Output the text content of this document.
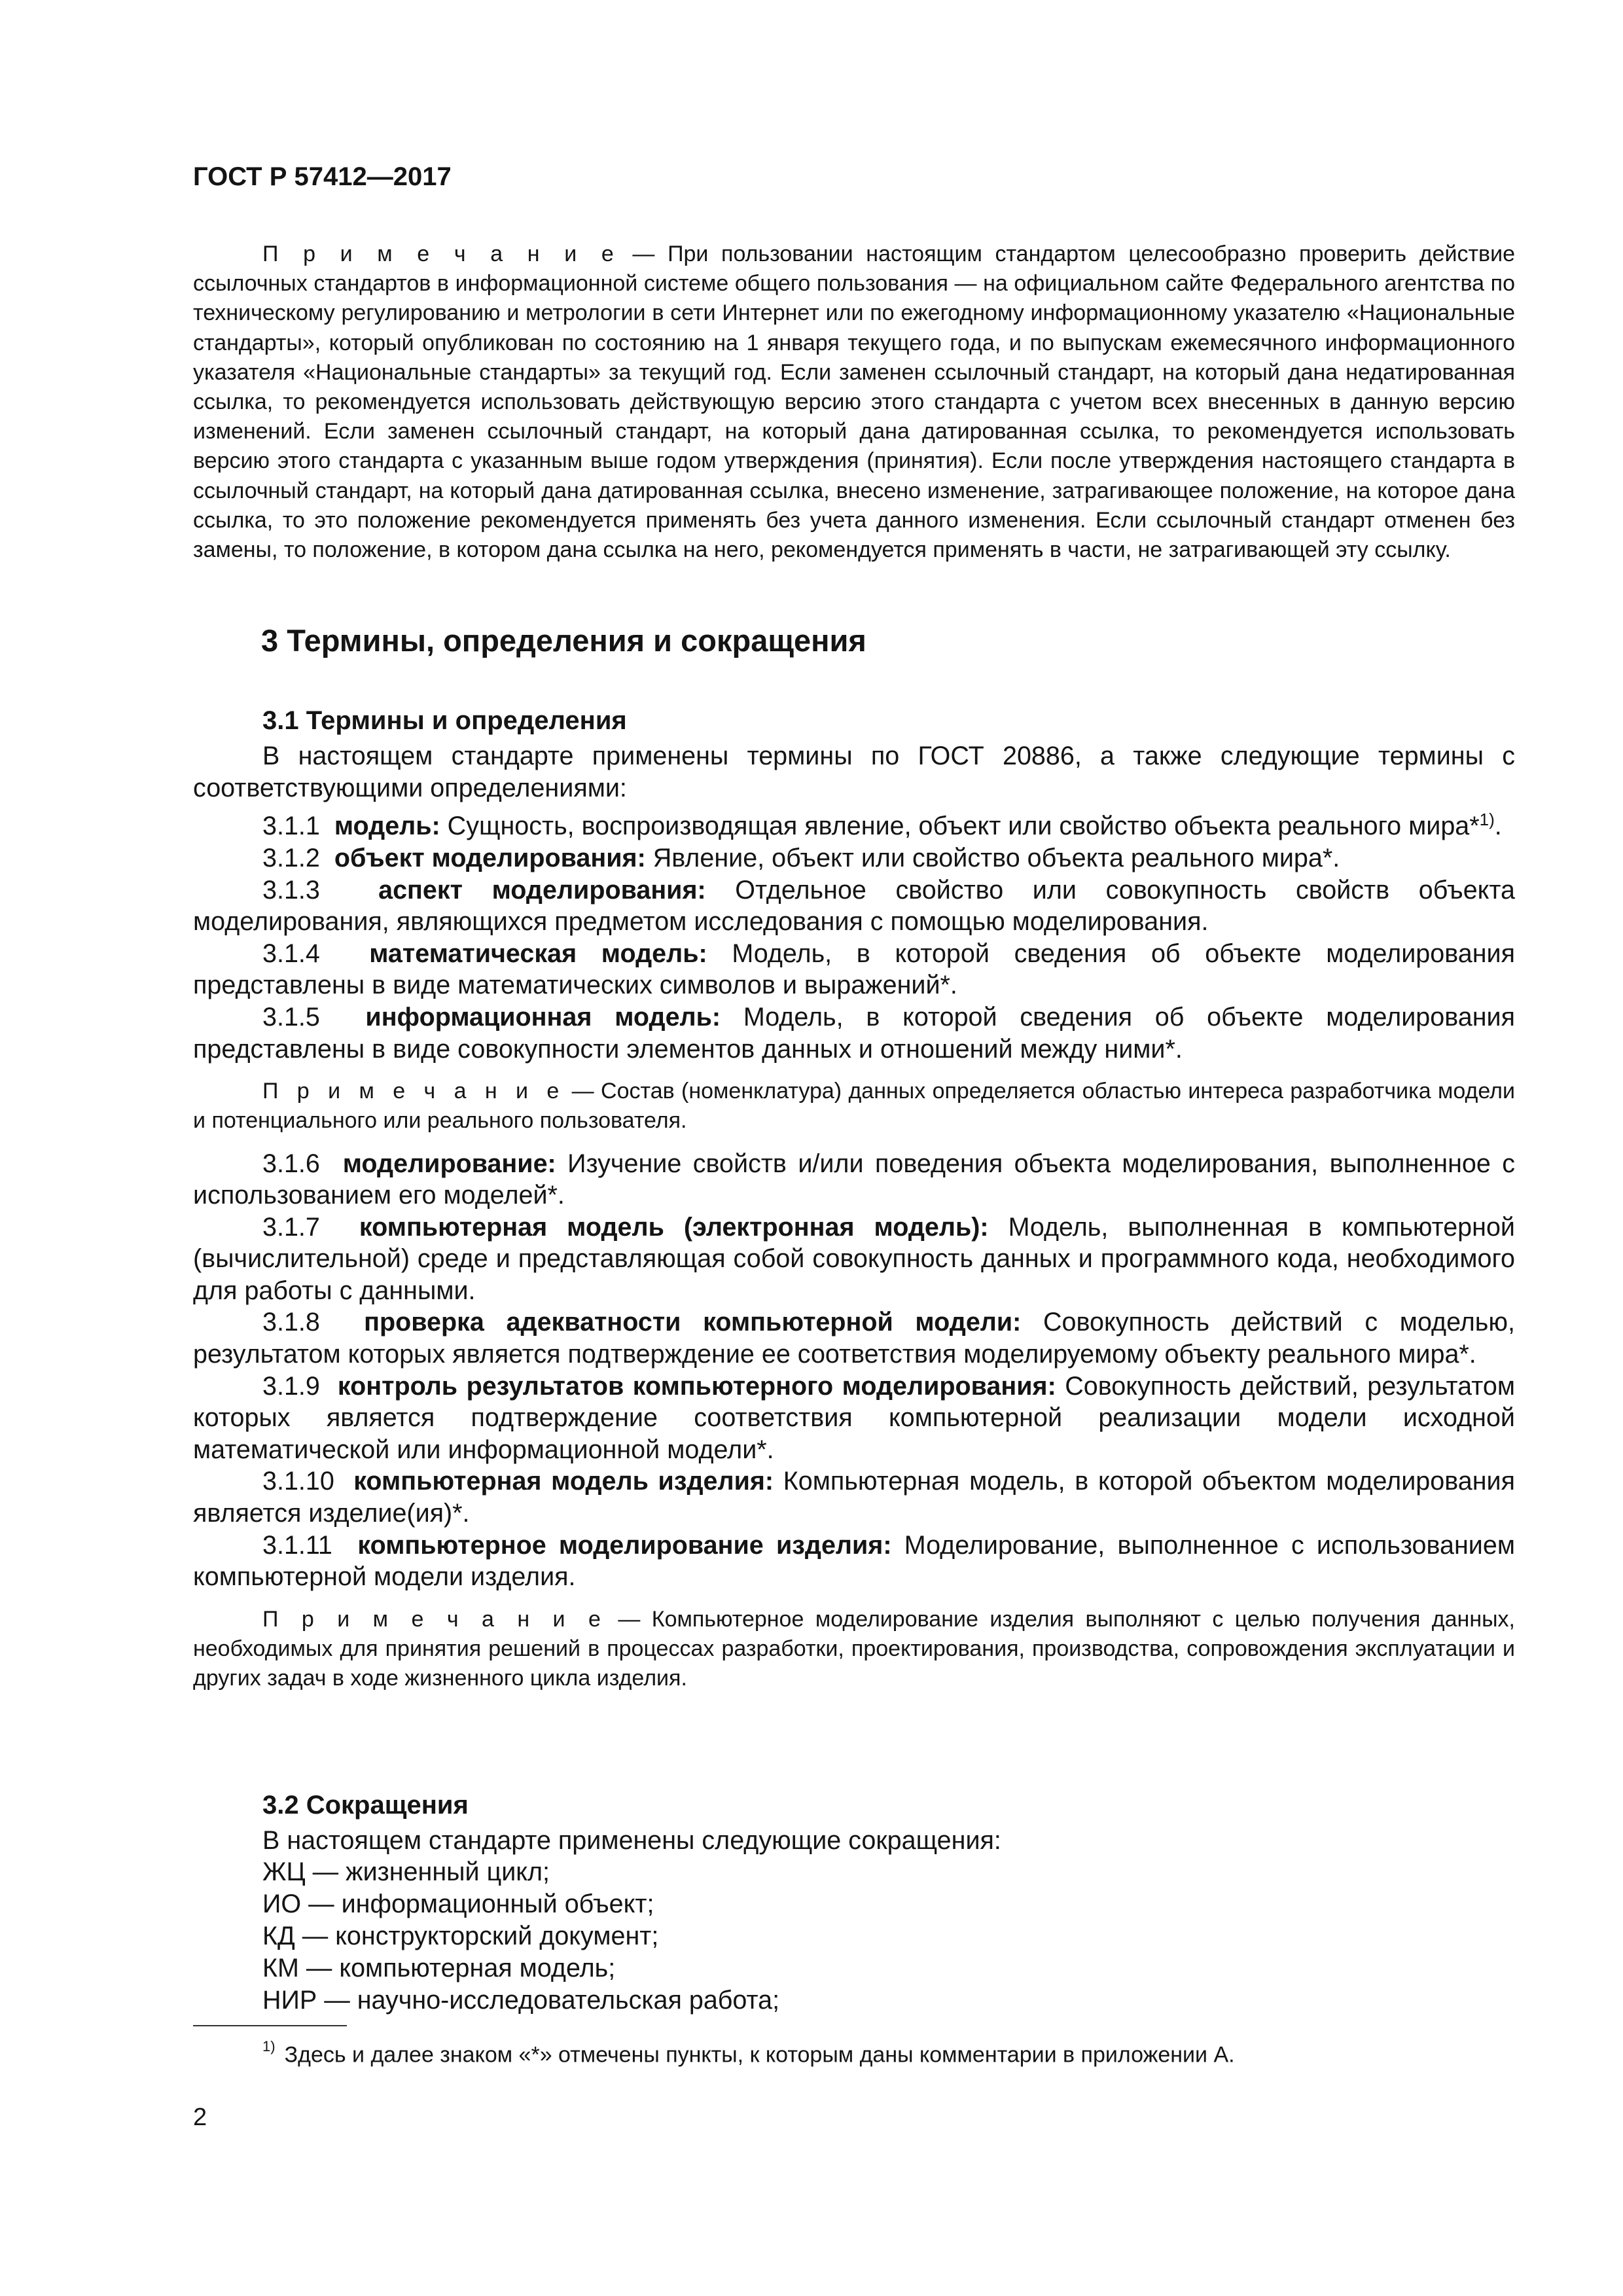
ГОСТ Р 57412—2017

П р и м е ч а н и е — При пользовании настоящим стандартом целесообразно проверить действие ссылочных стандартов в информационной системе общего пользования — на официальном сайте Федерального агентства по техническому регулированию и метрологии в сети Интернет или по ежегодному информационному указателю «Национальные стандарты», который опубликован по состоянию на 1 января текущего года, и по выпускам ежемесячного информационного указателя «Национальные стандарты» за текущий год. Если заменен ссылочный стандарт, на который дана недатированная ссылка, то рекомендуется использовать действующую версию этого стандарта с учетом всех внесенных в данную версию изменений. Если заменен ссылочный стандарт, на который дана датированная ссылка, то рекомендуется использовать версию этого стандарта с указанным выше годом утверждения (принятия). Если после утверждения настоящего стандарта в ссылочный стандарт, на который дана датированная ссылка, внесено изменение, затрагивающее положение, на которое дана ссылка, то это положение рекомендуется применять без учета данного изменения. Если ссылочный стандарт отменен без замены, то положение, в котором дана ссылка на него, рекомендуется применять в части, не затрагивающей эту ссылку.

3 Термины, определения и сокращения
3.1 Термины и определения

В настоящем стандарте применены термины по ГОСТ 20886, а также следующие термины с соответствующими определениями:

3.1.1 модель: Сущность, воспроизводящая явление, объект или свойство объекта реального мира*$^{1)}$.

3.1.2 объект моделирования: Явление, объект или свойство объекта реального мира*.

3.1.3 аспект моделирования: Отдельное свойство или совокупность свойств объекта моделирования, являющихся предметом исследования с помощью моделирования.

3.1.4 математическая модель: Модель, в которой сведения об объекте моделирования представлены в виде математических символов и выражений*.

3.1.5 информационная модель: Модель, в которой сведения об объекте моделирования представлены в виде совокупности элементов данных и отношений между ними*.

П р и м е ч а н и е — Состав (номенклатура) данных определяется областью интереса разработчика модели и потенциального или реального пользователя.

3.1.6 моделирование: Изучение свойств и/или поведения объекта моделирования, выполненное с использованием его моделей*.

3.1.7 компьютерная модель (электронная модель): Модель, выполненная в компьютерной (вычислительной) среде и представляющая собой совокупность данных и программного кода, необходимого для работы с данными.

3.1.8 проверка адекватности компьютерной модели: Совокупность действий с моделью, результатом которых является подтверждение ее соответствия моделируемому объекту реального мира*.

3.1.9 контроль результатов компьютерного моделирования: Совокупность действий, результатом которых является подтверждение соответствия компьютерной реализации модели исходной математической или информационной модели*.

3.1.10 компьютерная модель изделия: Компьютерная модель, в которой объектом моделирования является изделие(ия)*.

3.1.11 компьютерное моделирование изделия: Моделирование, выполненное с использованием компьютерной модели изделия.

П р и м е ч а н и е — Компьютерное моделирование изделия выполняют с целью получения данных, необходимых для принятия решений в процессах разработки, проектирования, производства, сопровождения эксплуатации и других задач в ходе жизненного цикла изделия.

3.2 Сокращения
В настоящем стандарте применены следующие сокращения:
ЖЦ — жизненный цикл;
ИО — информационный объект;
КД — конструкторский документ;
КМ — компьютерная модель;
НИР — научно-исследовательская работа;
$^{1)}$ Здесь и далее знаком «*» отмечены пункты, к которым даны комментарии в приложении А.
2
